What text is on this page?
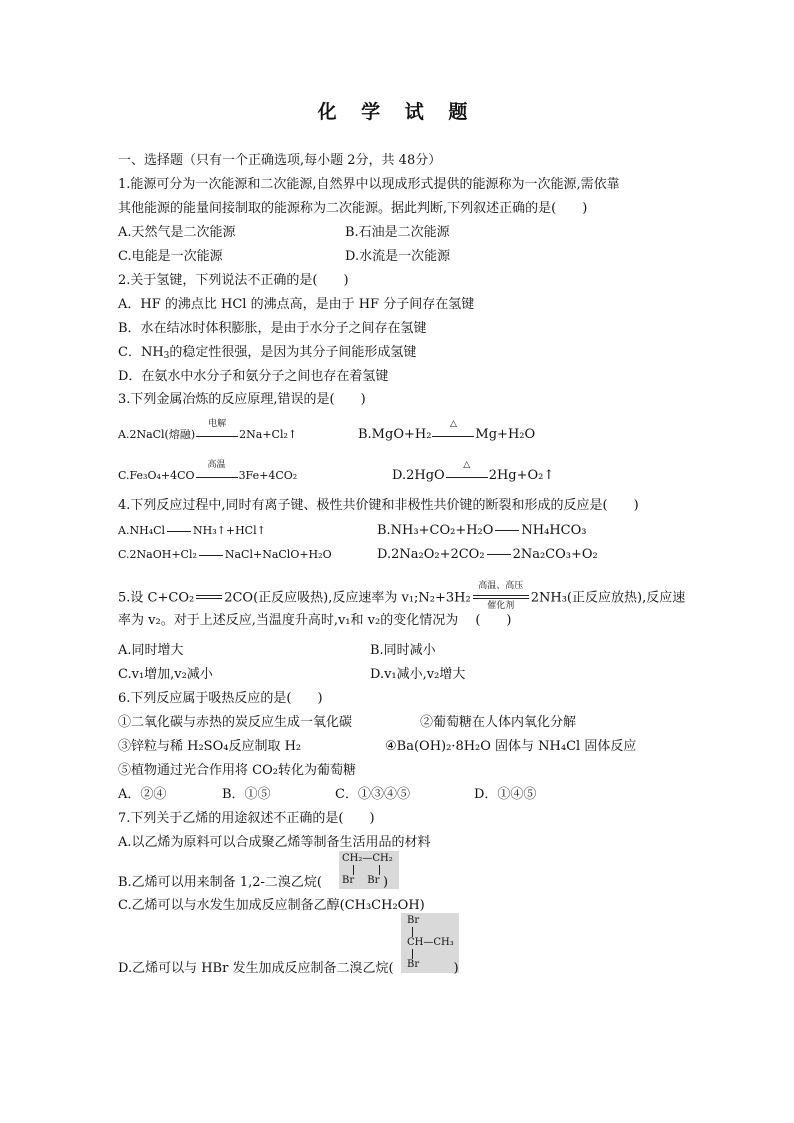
化 学 试 题
一、选择题（只有一个正确选项,每小题 2分，共 48分）
1.能源可分为一次能源和二次能源,自然界中以现成形式提供的能源称为一次能源,需依靠
其他能源的能量间接制取的能源称为二次能源。据此判断,下列叙述正确的是(　　)
A.天然气是二次能源	B.石油是二次能源
C.电能是一次能源	D.水流是一次能源
2.关于氢键，下列说法不正确的是(　　)
A．HF 的沸点比 HCl 的沸点高，是由于 HF 分子间存在氢键
B．水在结冰时体积膨胀，是由于水分子之间存在氢键
C．$NH_3$的稳定性很强，是因为其分子间能形成氢键
D．在氨水中水分子和氨分子之间也存在着氢键
3.下列金属冶炼的反应原理,错误的是(　　)
A.2NaCl(熔融)
电解
2Na+Cl₂↑	B.MgO+H₂
△
Mg+H₂O
C.Fe₃O₄+4CO
高温
3Fe+4CO₂	D.2HgO
△
2Hg+O₂↑
4.下列反应过程中,同时有离子键、极性共价键和非极性共价键的断裂和形成的反应是(　　)
A.NH₄Cl	NH₃↑+HCl↑	B.NH₃+CO₂+H₂O NH₄HCO₃
C.2NaOH+Cl₂	NaCl+NaClO+H₂O	D.2Na₂O₂+2CO₂ 2Na₂CO₃+O₂
5.设 C+CO₂ 2CO(正反应吸热),反应速率为 v₁;N₂+3H₂
高温、高压
催化剂
2NH₃(正反应放热),反应速
率为 v₂。对于上述反应,当温度升高时,v₁和 v₂的变化情况为　 (　　)
A.同时增大	B.同时减小
C.v₁增加,v₂减小	D.v₁减小,v₂增大
6.下列反应属于吸热反应的是(　　)
①二氧化碳与赤热的炭反应生成一氧化碳	②葡萄糖在人体内氧化分解
③锌粒与稀 H₂SO₄反应制取 H₂	④Ba(OH)₂·8H₂O 固体与 NH₄Cl 固体反应
⑤植物通过光合作用将 CO₂转化为葡萄糖
A．②④	B．①⑤	C．①③④⑤	D．①④⑤
7.下列关于乙烯的用途叙述不正确的是(　　)
A.以乙烯为原料可以合成聚乙烯等制备生活用品的材料
CH₂—CH₂
Br　 Br
B.乙烯可以用来制备 1,2-二溴乙烷(	)
C.乙烯可以与水发生加成反应制备乙醇(CH₃CH₂OH)
Br
CH—CH₃
Br
D.乙烯可以与 HBr 发生加成反应制备二溴乙烷(	)
